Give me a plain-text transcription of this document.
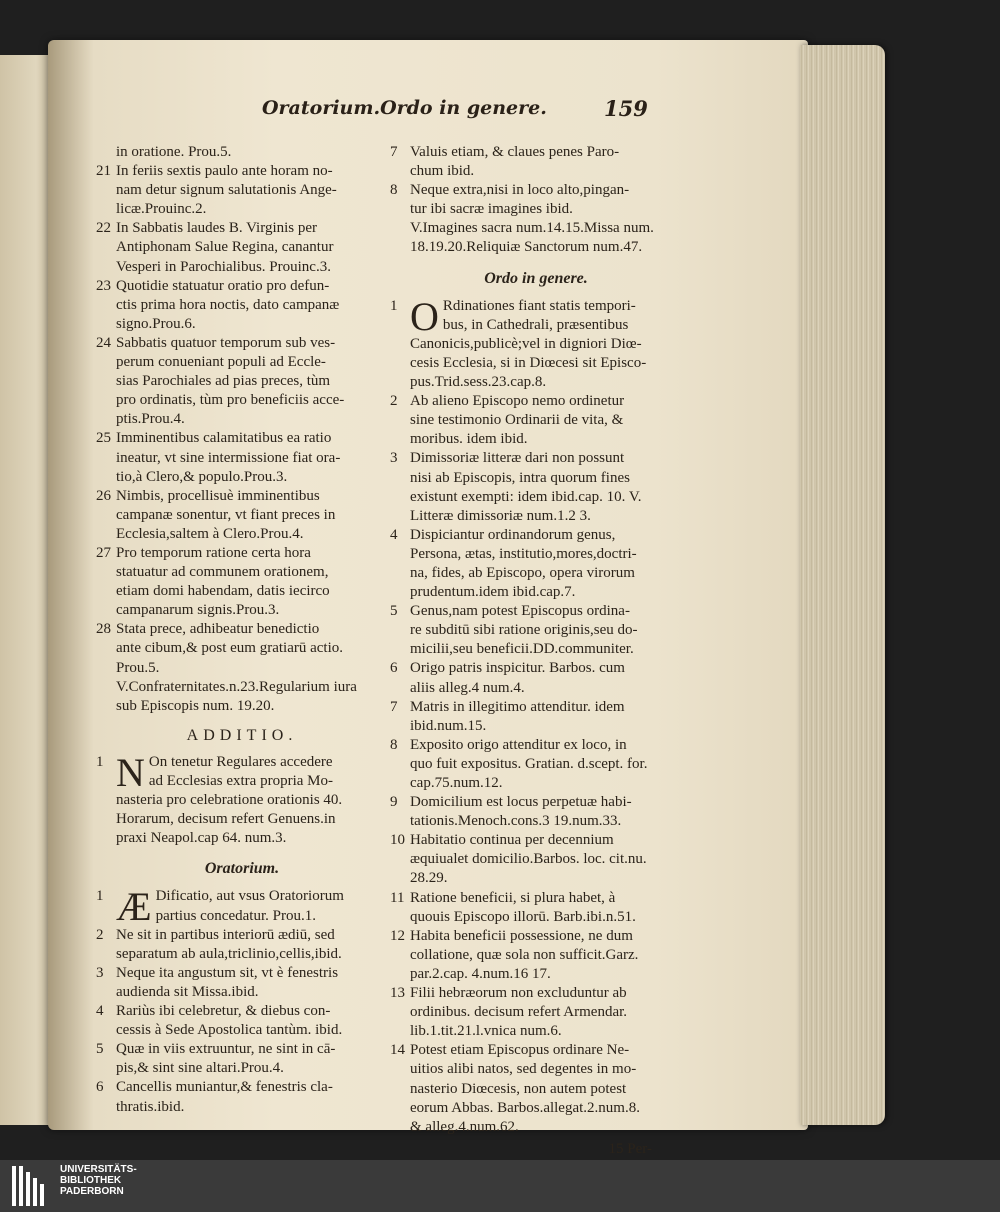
Oratorium.Ordo in genere.	159
in oratione. Prou.5.
21 In feriis sextis paulo ante horam no-
nam detur signum salutationis Ange-
licæ.Prouinc.2.
22 In Sabbatis laudes B. Virginis per
Antiphonam Salue Regina, canantur
Vesperi in Parochialibus. Prouinc.3.
23 Quotidie statuatur oratio pro defun-
ctis prima hora noctis, dato campanæ
signo.Prou.6.
24 Sabbatis quatuor temporum sub ves-
perum conueniant populi ad Eccle-
sias Parochiales ad pias preces, tùm
pro ordinatis, tùm pro beneficiis acce-
ptis.Prou.4.
25 Imminentibus calamitatibus ea ratio
ineatur, vt sine intermissione fiat ora-
tio,à Clero,& populo.Prou.3.
26 Nimbis, procellisuè imminentibus
campanæ sonentur, vt fiant preces in
Ecclesia,saltem à Clero.Prou.4.
27 Pro temporum ratione certa hora
statuatur ad communem orationem,
etiam domi habendam, datis iecirco
campanarum signis.Prou.3.
28 Stata prece, adhibeatur benedictio
ante cibum,& post eum gratiarū actio.
Prou.5.
V.Confraternitates.n.23.Regularium iura
sub Episcopis num. 19.20.
ADDITIO.
1 N On tenetur Regulares accedere
ad Ecclesias extra propria Mo-
nasteria pro celebratione orationis 40.
Horarum, decisum refert Genuens.in
praxi Neapol.cap 64. num.3.
Oratorium.
1 Æ Dificatio, aut vsus Oratoriorum
partius concedatur. Prou.1.
2 Ne sit in partibus interiorū ædiū, sed
separatum ab aula,triclinio,cellis,ibid.
3 Neque ita angustum sit, vt è fenestris
audienda sit Missa.ibid.
4 Rariùs ibi celebretur, & diebus con-
cessis à Sede Apostolica tantùm. ibid.
5 Quæ in viis extruuntur, ne sint in cā-
pis,& sint sine altari.Prou.4.
6 Cancellis muniantur,& fenestris cla-
thratis.ibid.
7 Valuis etiam, & claues penes Paro-
chum ibid.
8 Neque extra,nisi in loco alto,pingan-
tur ibi sacræ imagines ibid.
V.Imagines sacra num.14.15.Missa num.
18.19.20.Reliquiæ Sanctorum num.47.
Ordo in genere.
1 O Rdinationes fiant statis tempori-
bus, in Cathedrali, præsentibus
Canonicis,publicè;vel in digniori Diœ-
cesis Ecclesia, si in Diœcesi sit Episco-
pus.Trid.sess.23.cap.8.
2 Ab alieno Episcopo nemo ordinetur
sine testimonio Ordinarii de vita, &
moribus. idem ibid.
3 Dimissoriæ litteræ dari non possunt
nisi ab Episcopis, intra quorum fines
existunt exempti: idem ibid.cap. 10. V.
Litteræ dimissoriæ num.1.2 3.
4 Dispiciantur ordinandorum genus,
Persona, ætas, institutio,mores,doctri-
na, fides, ab Episcopo, opera virorum
prudentum.idem ibid.cap.7.
5 Genus,nam potest Episcopus ordina-
re subditū sibi ratione originis,seu do-
micilii,seu beneficii.DD.communiter.
6 Origo patris inspicitur. Barbos. cum
aliis alleg.4 num.4.
7 Matris in illegitimo attenditur. idem
ibid.num.15.
8 Exposito origo attenditur ex loco, in
quo fuit expositus. Gratian. d.scept. for.
cap.75.num.12.
9 Domicilium est locus perpetuæ habi-
tationis.Menoch.cons.3 19.num.33.
10 Habitatio continua per decennium
æquiualet domicilio.Barbos. loc. cit.nu.
28.29.
11 Ratione beneficii, si plura habet, à
quouis Episcopo illorū. Barb.ibi.n.51.
12 Habita beneficii possessione, ne dum
collatione, quæ sola non sufficit.Garz.
par.2.cap. 4.num.16 17.
13 Filii hebræorum non excluduntur ab
ordinibus. decisum refert Armendar.
lib.1.tit.21.l.vnica num.6.
14 Potest etiam Episcopus ordinare Ne-
uitios alibi natos, sed degentes in mo-
nasterio Diœcesis, non autem potest
eorum Abbas. Barbos.allegat.2.num.8.
& alleg.4.num.62.
15 Per-
UNIVERSITÄTS-
BIBLIOTHEK
PADERBORN
